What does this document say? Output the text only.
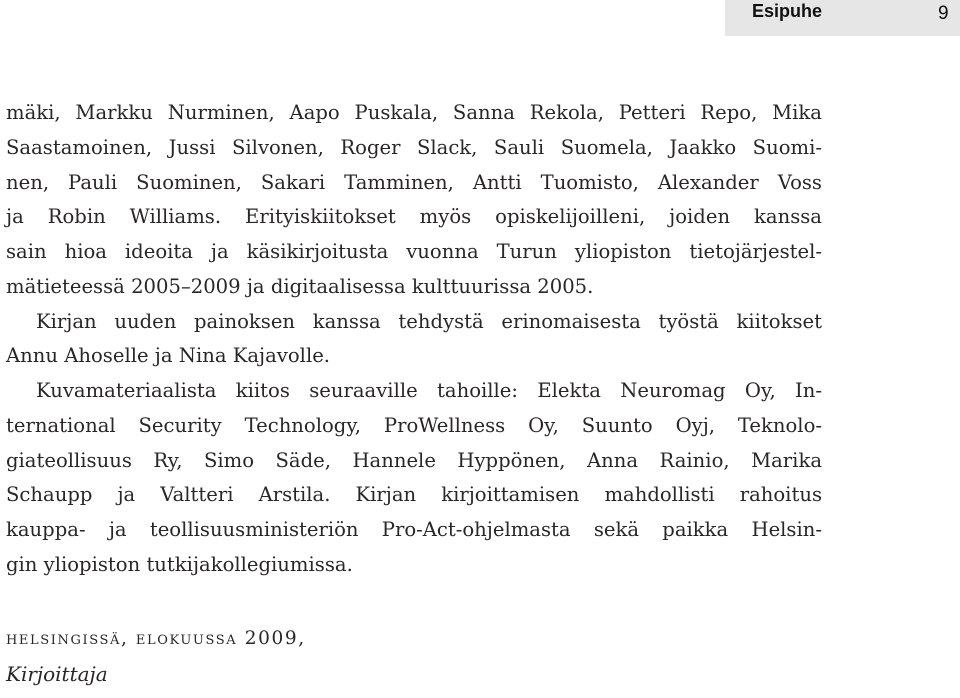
Esipuhe	9
mäki, Markku Nurminen, Aapo Puskala, Sanna Rekola, Petteri Repo, Mika
Saastamoinen, Jussi Silvonen, Roger Slack, Sauli Suomela, Jaakko Suomi-
nen, Pauli Suominen, Sakari Tamminen, Antti Tuomisto, Alexander Voss
ja Robin Williams. Erityiskiitokset myös opiskelijoilleni, joiden kanssa
sain hioa ideoita ja käsikirjoitusta vuonna Turun yliopiston tietojärjestel-
mätieteessä 2005–2009 ja digitaalisessa kulttuurissa 2005.
Kirjan uuden painoksen kanssa tehdystä erinomaisesta työstä kiitokset
Annu Ahoselle ja Nina Kajavolle.
Kuvamateriaalista kiitos seuraaville tahoille: Elekta Neuromag Oy, In-
ternational Security Technology, ProWellness Oy, Suunto Oyj, Teknolo-
giateollisuus Ry, Simo Säde, Hannele Hyppönen, Anna Rainio, Marika
Schaupp ja Valtteri Arstila. Kirjan kirjoittamisen mahdollisti rahoitus
kauppa- ja teollisuusministeriön Pro-Act-ohjelmasta sekä paikka Helsin-
gin yliopiston tutkijakollegiumissa.
helsingissä, elokuussa 2009,
Kirjoittaja
